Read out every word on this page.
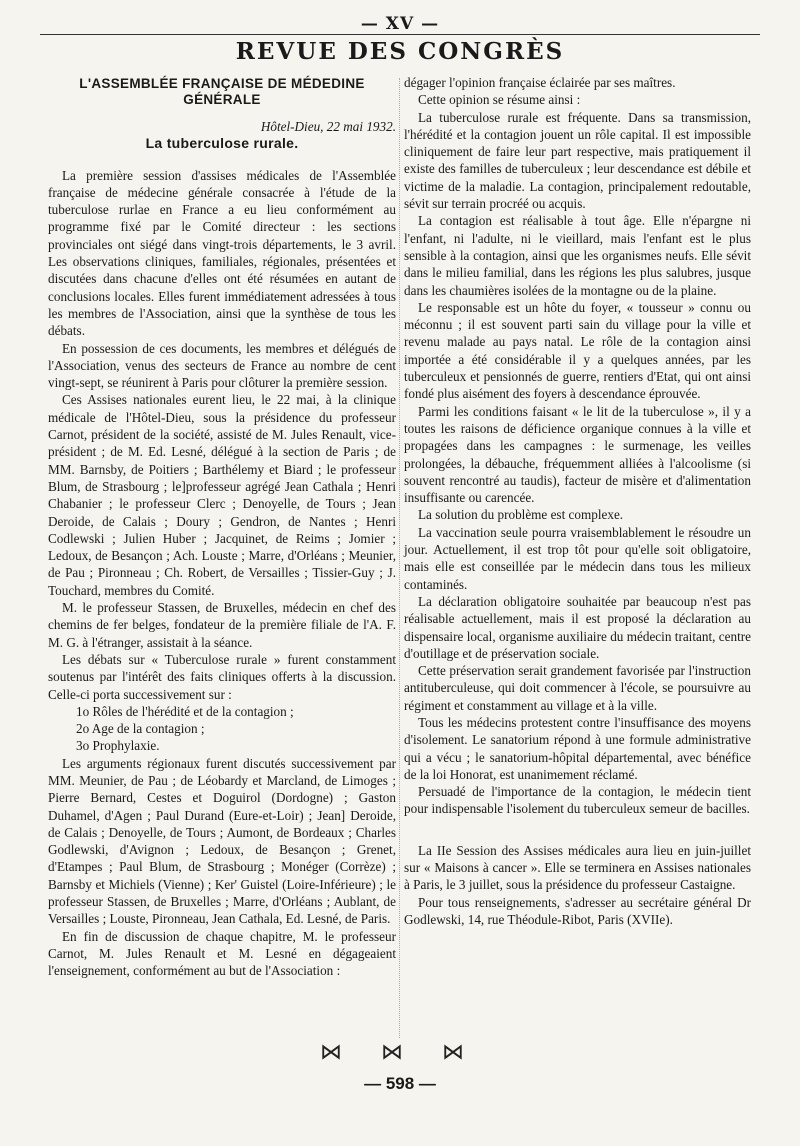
— XV —
REVUE DES CONGRÈS
L'ASSEMBLÉE FRANÇAISE DE MÉDEDINE GÉNÉRALE

Hôtel-Dieu, 22 mai 1932.

La tuberculose rurale.

La première session d'assises médicales de l'Assemblée française de médecine générale consacrée à l'étude de la tuberculose rurlae en France a eu lieu conformément au programme fixé par le Comité directeur : les sections provinciales ont siégé dans vingt-trois départements, le 3 avril. Les observations cliniques, familiales, régionales, présentées et discutées dans chacune d'elles ont été résumées en autant de conclusions locales. Elles furent immédiatement adressées à tous les membres de l'Association, ainsi que la synthèse de tous les débats.

En possession de ces documents, les membres et délégués de l'Association, venus des secteurs de France au nombre de cent vingt-sept, se réunirent à Paris pour clôturer la première session.

Ces Assises nationales eurent lieu, le 22 mai, à la clinique médicale de l'Hôtel-Dieu, sous la présidence du professeur Carnot, président de la société, assisté de M. Jules Renault, vice-président ; de M. Ed. Lesné, délégué à la section de Paris ; de MM. Barnsby, de Poitiers ; Barthélemy et Biard ; le professeur Blum, de Strasbourg ; le]professeur agrégé Jean Cathala ; Henri Chabanier ; le professeur Clerc ; Denoyelle, de Tours ; Jean Deroide, de Calais ; Doury ; Gendron, de Nantes ; Henri Codlewski ; Julien Huber ; Jacquinet, de Reims ; Jomier ; Ledoux, de Besançon ; Ach. Louste ; Marre, d'Orléans ; Meunier, de Pau ; Pironneau ; Ch. Robert, de Versailles ; Tissier-Guy ; J. Touchard, membres du Comité.

M. le professeur Stassen, de Bruxelles, médecin en chef des chemins de fer belges, fondateur de la première filiale de l'A. F. M. G. à l'étranger, assistait à la séance.

Les débats sur « Tuberculose rurale » furent constamment soutenus par l'intérêt des faits cliniques offerts à la discussion. Celle-ci porta successivement sur :

1o Rôles de l'hérédité et de la contagion ;

2o Age de la contagion ;

3o Prophylaxie.

Les arguments régionaux furent discutés successivement par MM. Meunier, de Pau ; de Léobardy et Marcland, de Limoges ; Pierre Bernard, Cestes et Doguirol (Dordogne) ; Gaston Duhamel, d'Agen ; Paul Durand (Eure-et-Loir) ; Jean] Deroide, de Calais ; Denoyelle, de Tours ; Aumont, de Bordeaux ; Charles Godlewski, d'Avignon ; Ledoux, de Besançon ; Grenet, d'Etampes ; Paul Blum, de Strasbourg ; Monéger (Corrèze) ; Barnsby et Michiels (Vienne) ; Ker' Guistel (Loire-Inférieure) ; le professeur Stassen, de Bruxelles ; Marre, d'Orléans ; Aublant, de Versailles ; Louste, Pironneau, Jean Cathala, Ed. Lesné, de Paris.

En fin de discussion de chaque chapitre, M. le professeur Carnot, M. Jules Renault et M. Lesné en dégageaient l'enseignement, conformément au but de l'Association :

dégager l'opinion française éclairée par ses maîtres.

Cette opinion se résume ainsi :

La tuberculose rurale est fréquente. Dans sa transmission, l'hérédité et la contagion jouent un rôle capital. Il est impossible cliniquement de faire leur part respective, mais pratiquement il existe des familles de tuberculeux ; leur descendance est débile et victime de la maladie. La contagion, principalement redoutable, sévit sur terrain procréé ou acquis.

La contagion est réalisable à tout âge. Elle n'épargne ni l'enfant, ni l'adulte, ni le vieillard, mais l'enfant est le plus sensible à la contagion, ainsi que les organismes neufs. Elle sévit dans le milieu familial, dans les régions les plus salubres, jusque dans les chaumières isolées de la montagne ou de la plaine.

Le responsable est un hôte du foyer, « tousseur » connu ou méconnu ; il est souvent parti sain du village pour la ville et revenu malade au pays natal. Le rôle de la contagion ainsi importée a été considérable il y a quelques années, par les tuberculeux et pensionnés de guerre, rentiers d'Etat, qui ont ainsi fondé plus aisément des foyers à descendance éprouvée.

Parmi les conditions faisant « le lit de la tuberculose », il y a toutes les raisons de déficience organique connues à la ville et propagées dans les campagnes : le surmenage, les veilles prolongées, la débauche, fréquemment alliées à l'alcoolisme (si souvent rencontré au taudis), facteur de misère et d'alimentation insuffisante ou carencée.

La solution du problème est complexe.

La vaccination seule pourra vraisemblablement le résoudre un jour. Actuellement, il est trop tôt pour qu'elle soit obligatoire, mais elle est conseillée par le médecin dans tous les milieux contaminés.

La déclaration obligatoire souhaitée par beaucoup n'est pas réalisable actuellement, mais il est proposé la déclaration au dispensaire local, organisme auxiliaire du médecin traitant, centre d'outillage et de préservation sociale.

Cette préservation serait grandement favorisée par l'instruction antituberculeuse, qui doit commencer à l'école, se poursuivre au régiment et constamment au village et à la ville.

Tous les médecins protestent contre l'insuffisance des moyens d'isolement. Le sanatorium répond à une formule administrative qui a vécu ; le sanatorium-hôpital départemental, avec bénéfice de la loi Honorat, est unanimement réclamé.

Persuadé de l'importance de la contagion, le médecin tient pour indispensable l'isolement du tuberculeux semeur de bacilles.

La IIe Session des Assises médicales aura lieu en juin-juillet sur « Maisons à cancer ». Elle se terminera en Assises nationales à Paris, le 3 juillet, sous la présidence du professeur Castaigne.

Pour tous renseignements, s'adresser au secrétaire général Dr Godlewski, 14, rue Théodule-Ribot, Paris (XVIIe).

⋈ ⋈ ⋈
— 598 —
